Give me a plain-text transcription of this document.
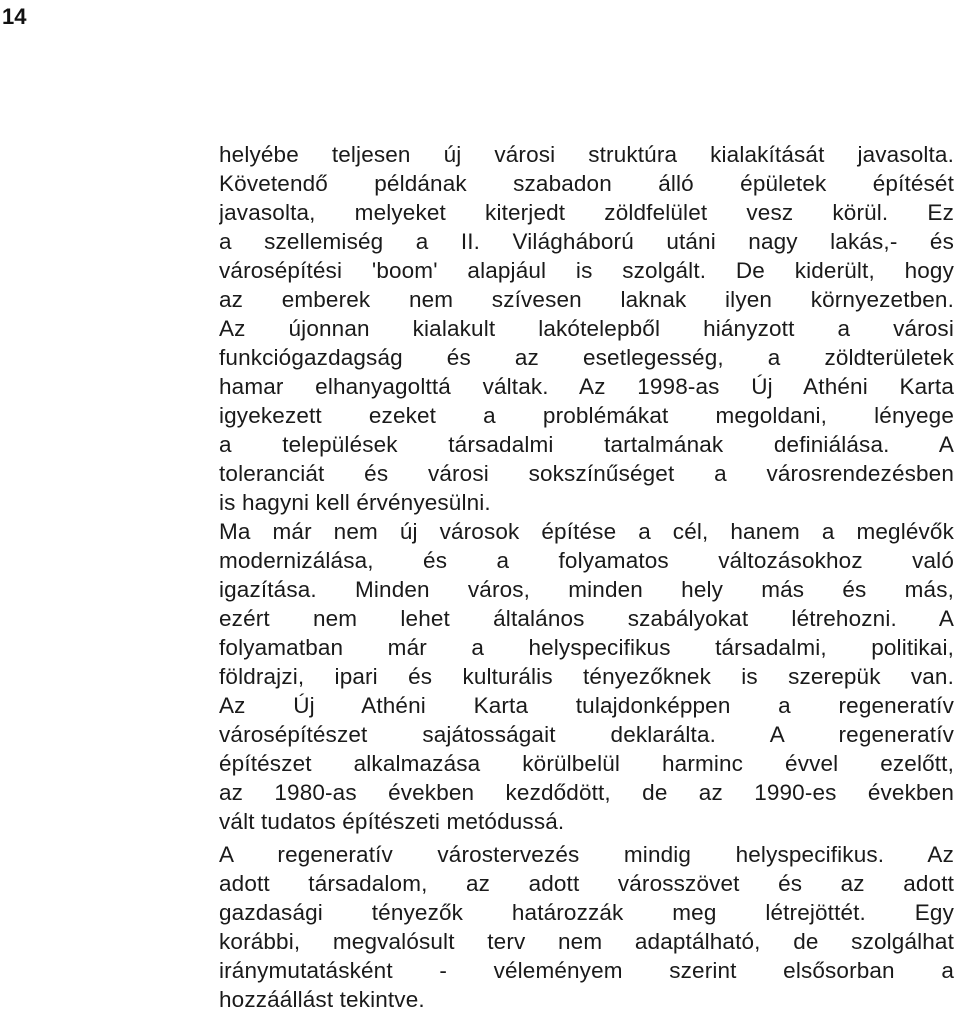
14
helyébe teljesen új városi struktúra kialakítását javasolta.
Követendő példának szabadon álló épületek építését
javasolta, melyeket kiterjedt zöldfelület vesz körül. Ez
a szellemiség a II. Világháború utáni nagy lakás,- és
városépítési 'boom' alapjául is szolgált. De kiderült, hogy
az emberek nem szívesen laknak ilyen környezetben.
Az újonnan kialakult lakótelepből hiányzott a városi
funkciógazdagság és az esetlegesség, a zöldterületek
hamar elhanyagolttá váltak. Az 1998-as Új Athéni Karta
igyekezett ezeket a problémákat megoldani, lényege
a települések társadalmi tartalmának definiálása. A
toleranciát és városi sokszínűséget a városrendezésben
is hagyni kell érvényesülni.
Ma már nem új városok építése a cél, hanem a meglévők
modernizálása, és a folyamatos változásokhoz való
igazítása. Minden város, minden hely más és más,
ezért nem lehet általános szabályokat létrehozni. A
folyamatban már a helyspecifikus társadalmi, politikai,
földrajzi, ipari és kulturális tényezőknek is szerepük van.
Az Új Athéni Karta tulajdonképpen a regeneratív
városépítészet sajátosságait deklarálta. A regeneratív
építészet alkalmazása körülbelül harminc évvel ezelőtt,
az 1980-as években kezdődött, de az 1990-es években
vált tudatos építészeti metódussá.
A regeneratív várostervezés mindig helyspecifikus. Az
adott társadalom, az adott városszövet és az adott
gazdasági tényezők határozzák meg létrejöttét. Egy
korábbi, megvalósult terv nem adaptálható, de szolgálhat
iránymutatásként - véleményem szerint elsősorban a
hozzáállást tekintve.
